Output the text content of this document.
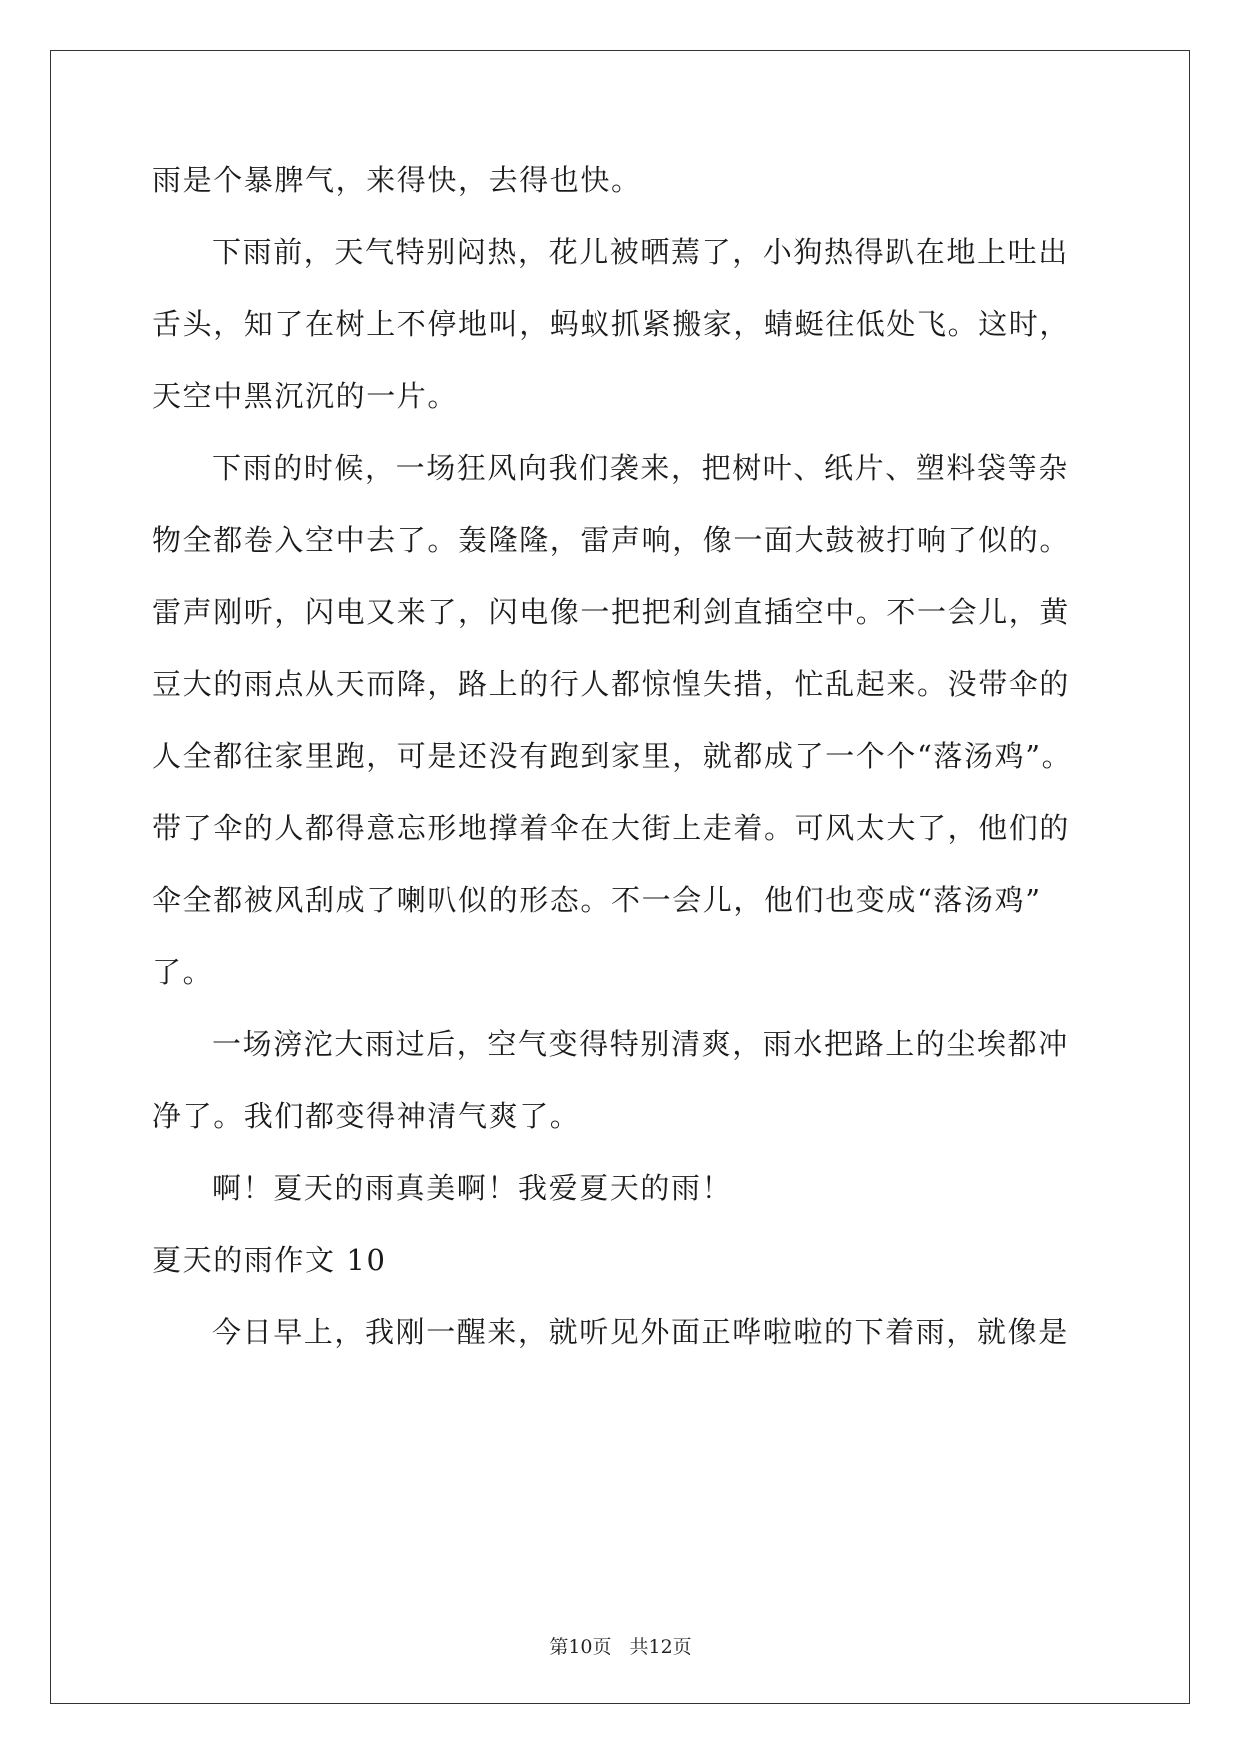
雨是个暴脾气，来得快，去得也快。
下雨前，天气特别闷热，花儿被晒蔫了，小狗热得趴在地上吐出
舌头，知了在树上不停地叫，蚂蚁抓紧搬家，蜻蜓往低处飞。这时，
天空中黑沉沉的一片。
下雨的时候，一场狂风向我们袭来，把树叶、纸片、塑料袋等杂
物全都卷入空中去了。轰隆隆，雷声响，像一面大鼓被打响了似的。
雷声刚听，闪电又来了，闪电像一把把利剑直插空中。不一会儿，黄
豆大的雨点从天而降，路上的行人都惊惶失措，忙乱起来。没带伞的
人全都往家里跑，可是还没有跑到家里，就都成了一个个“落汤鸡”。
带了伞的人都得意忘形地撑着伞在大街上走着。可风太大了，他们的
伞全都被风刮成了喇叭似的形态。不一会儿，他们也变成“落汤鸡”
了。
一场滂沱大雨过后，空气变得特别清爽，雨水把路上的尘埃都冲
净了。我们都变得神清气爽了。
啊！夏天的雨真美啊！我爱夏天的雨！
夏天的雨作文 10
今日早上，我刚一醒来，就听见外面正哗啦啦的下着雨，就像是
第10页 共12页
